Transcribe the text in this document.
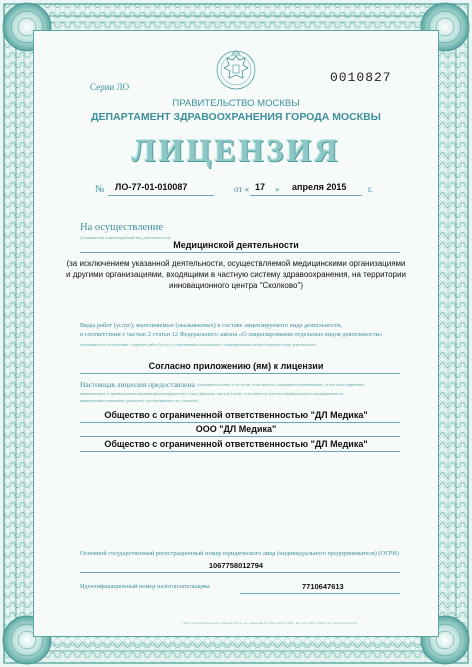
Серии ЛО
0010827
ПРАВИТЕЛЬСТВО МОСКВЫ
ДЕПАРТАМЕНТ ЗДРАВООХРАНЕНИЯ ГОРОДА МОСКВЫ
ЛИЦЕНЗИЯ
№ ЛО-77-01-010087	от « 17 » апреля 2015 г.
На осуществление
(указывается лицензируемый вид деятельности)
Медицинской деятельности
(за исключением указанной деятельности, осуществляемой медицинскими организациями и другими организациями, входящими в частную систему здравоохранения, на территории инновационного центра "Сколково")
Виды работ (услуг), выполняемых (оказываемых) в составе лицензируемого вида деятельности,
в соответствии с частью 2 статьи 12 Федерального закона «О лицензировании отдельных видов деятельности»
(указываются в соответствии с перечнем работ (услуг), установленным положением о лицензировании соответствующего вида деятельности)
Согласно приложению (ям) к лицензии
Настоящая лицензия предоставлена (указывается полное и (в случае, если имеется) сокращенное наименование, (в том числе фирменное
наименование), и организационно-правовая форма юридического лица (фамилия, имя и (в случае, если имеется) отчество индивидуального предпринимателя,
наименование и реквизиты документа, удостоверяющего его личность)
Общество с ограниченной ответственностью "ДЛ Медика"
ООО "ДЛ Медика"
Общество с ограниченной ответственностью "ДЛ Медика"
Основной государственный регистрационный номер юридического лица (индивидуального предпринимателя) (ОГРН)
1067758012794
Идентификационный номер налогоплательщика	7710647613
© 2015 «Полиграф-защита», Москва, 2015, «А» лицензия № 05-05-09/003 ФНС РФ, тел. (495) 726-47-42, www.poligraf-z.ru
